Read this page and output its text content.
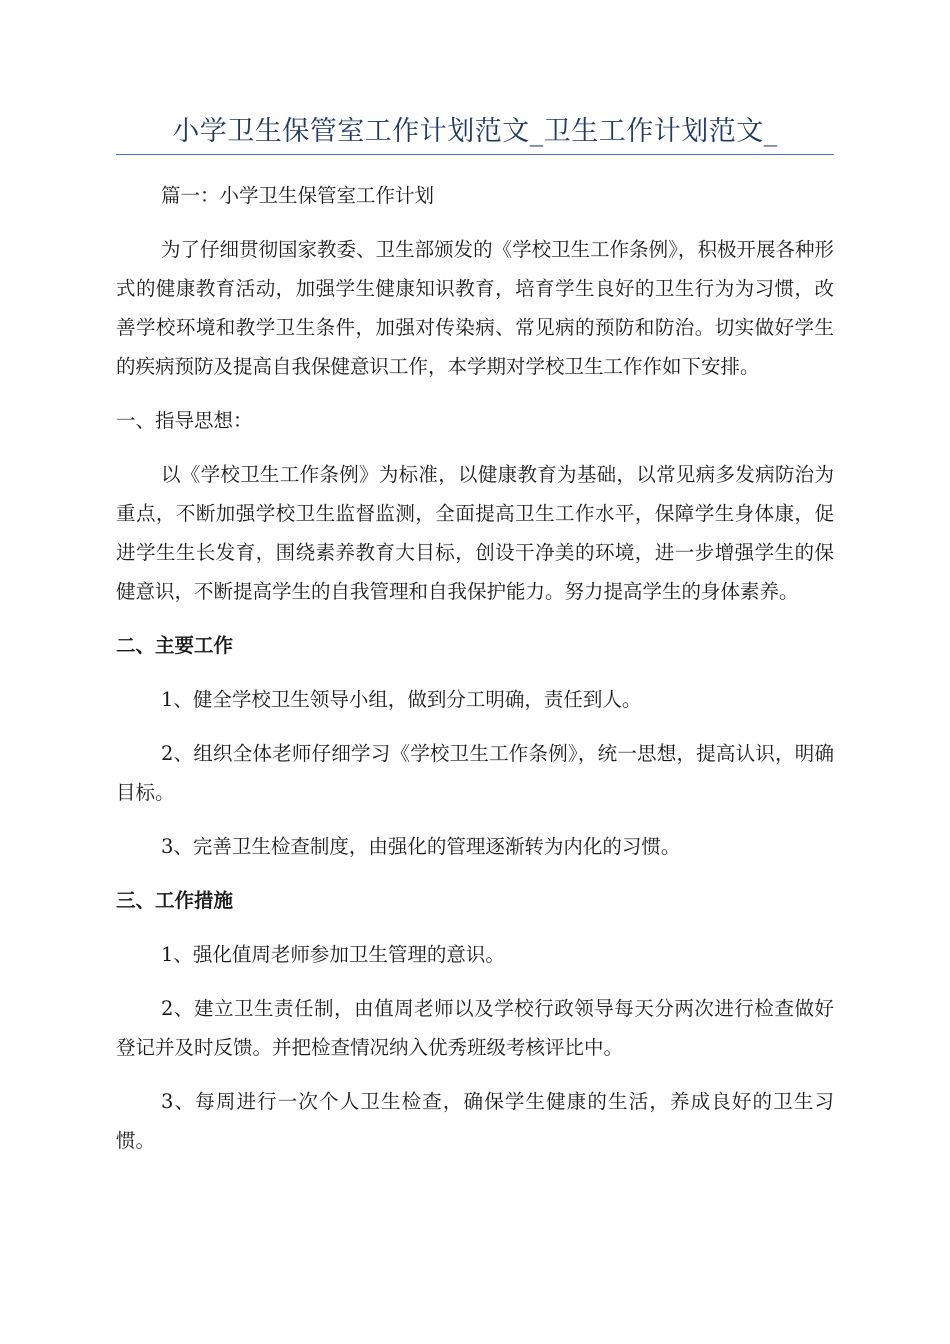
小学卫生保管室工作计划范文_卫生工作计划范文_

篇一：小学卫生保管室工作计划

为了仔细贯彻国家教委、卫生部颁发的《学校卫生工作条例》，积极开展各种形式的健康教育活动，加强学生健康知识教育，培育学生良好的卫生行为为习惯，改善学校环境和教学卫生条件，加强对传染病、常见病的预防和防治。切实做好学生的疾病预防及提高自我保健意识工作，本学期对学校卫生工作作如下安排。

一、指导思想：

以《学校卫生工作条例》为标准，以健康教育为基础，以常见病多发病防治为重点，不断加强学校卫生监督监测，全面提高卫生工作水平，保障学生身体康，促进学生生长发育，围绕素养教育大目标，创设干净美的环境，进一步增强学生的保健意识，不断提高学生的自我管理和自我保护能力。努力提高学生的身体素养。

二、主要工作

1、健全学校卫生领导小组，做到分工明确，责任到人。

2、组织全体老师仔细学习《学校卫生工作条例》，统一思想，提高认识，明确目标。

3、完善卫生检查制度，由强化的管理逐渐转为内化的习惯。

三、工作措施

1、强化值周老师参加卫生管理的意识。

2、建立卫生责任制，由值周老师以及学校行政领导每天分两次进行检查做好登记并及时反馈。并把检查情况纳入优秀班级考核评比中。

3、每周进行一次个人卫生检查，确保学生健康的生活，养成良好的卫生习惯。
